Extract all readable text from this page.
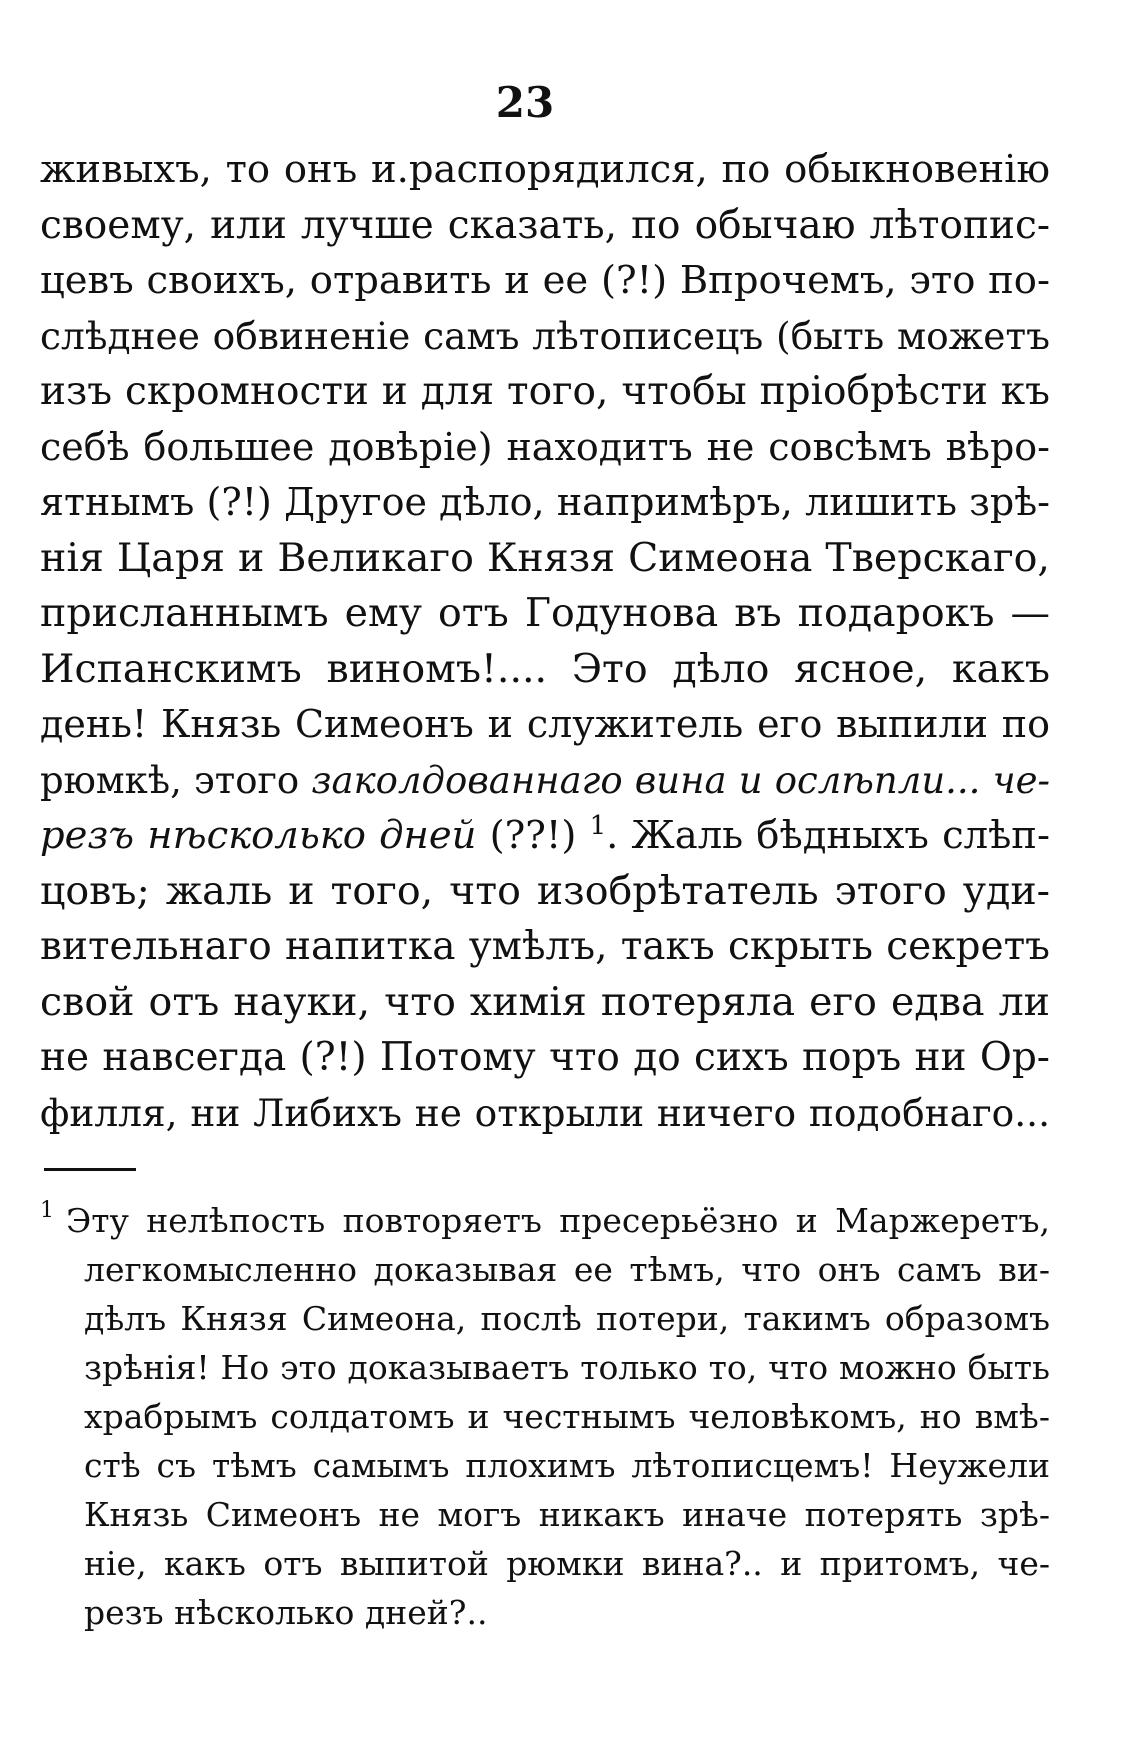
23
живыхъ, то онъ и.распорядился, по обыкновенію
своему, или лучше сказать, по обычаю лѣтопис-
цевъ своихъ, отравить и ее (?!) Впрочемъ, это по-
слѣднее обвиненіе самъ лѣтописецъ (быть можетъ
изъ скромности и для того, чтобы пріобрѣсти къ
себѣ большее довѣріе) находитъ не совсѣмъ вѣро-
ятнымъ (?!) Другое дѣло, напримѣръ, лишить зрѣ-
нія Царя и Великаго Князя Симеона Тверскаго,
присланнымъ ему отъ Годунова въ подарокъ —
Испанскимъ виномъ!.... Это дѣло ясное, какъ
день! Князь Симеонъ и служитель его выпили по
рюмкѣ, этого заколдованнаго вина и ослѣпли... че-
резъ нѣсколько дней (??!) $^1$. Жаль бѣдныхъ слѣп-
цовъ; жаль и того, что изобрѣтатель этого уди-
вительнаго напитка умѣлъ, такъ скрыть секретъ
свой отъ науки, что химія потеряла его едва ли
не навсегда (?!) Потому что до сихъ поръ ни Ор-
филля, ни Либихъ не открыли ничего подобнаго...
1 Эту нелѣпость повторяетъ пресерьёзно и Маржеретъ,
легкомысленно доказывая ее тѣмъ, что онъ самъ ви-
дѣлъ Князя Симеона, послѣ потери, такимъ образомъ
зрѣнія! Но это доказываетъ только то, что можно быть
храбрымъ солдатомъ и честнымъ человѣкомъ, но вмѣ-
стѣ съ тѣмъ самымъ плохимъ лѣтописцемъ! Неужели
Князь Симеонъ не могъ никакъ иначе потерять зрѣ-
ніе, какъ отъ выпитой рюмки вина?.. и притомъ, че-
резъ нѣсколько дней?..
